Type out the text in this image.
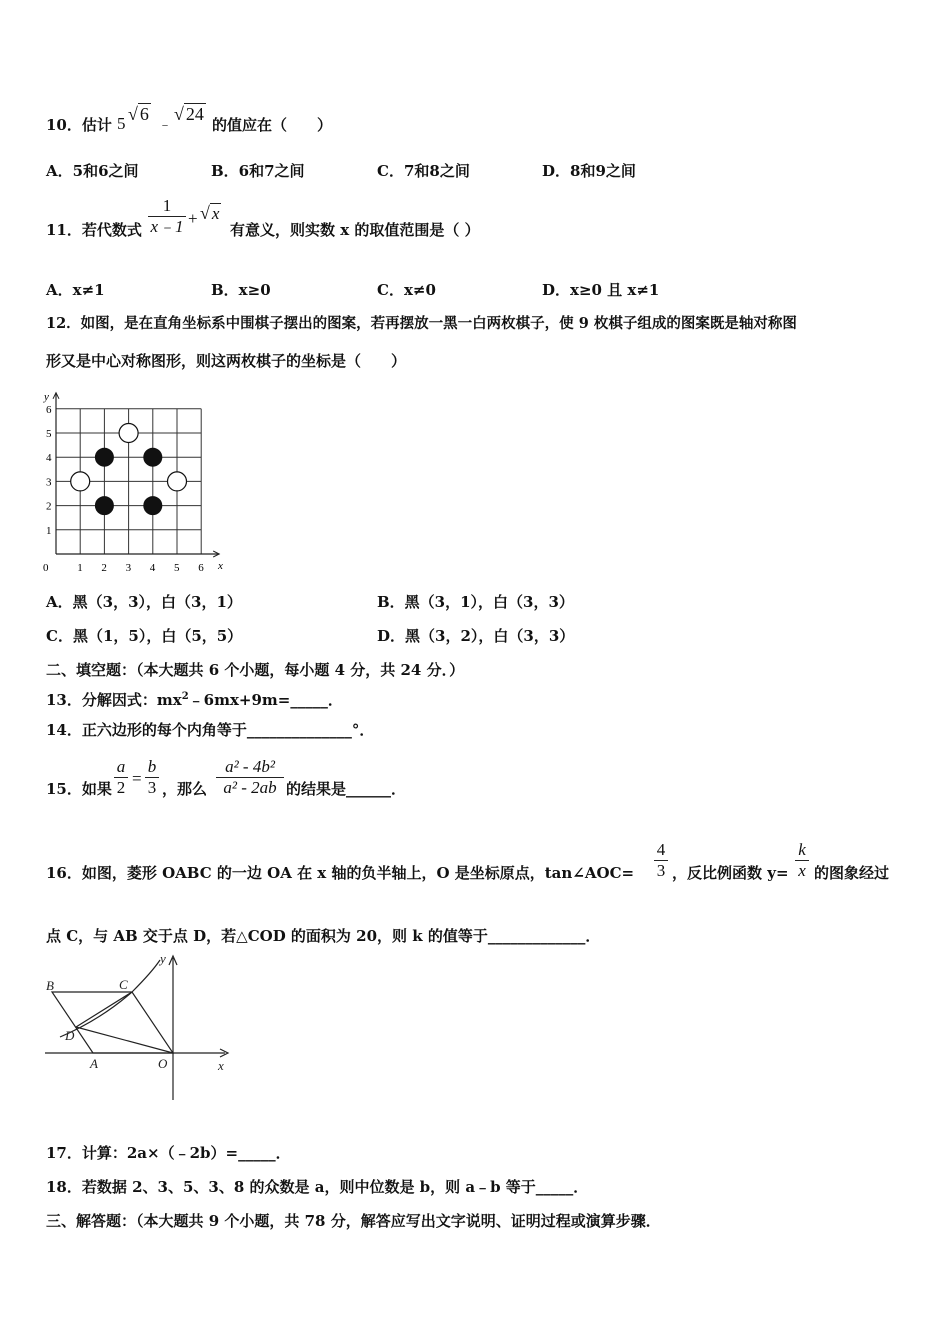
10．估计 5 √ 6
﹣
√ 24
的值应在（　　）
A．5和6之间	B．6和7之间	C．7和8之间	D．8和9之间
11．若代数式
1
x﹣1 + √ x
有意义，则实数 x 的取值范围是（ ）
A．x≠1	B．x≥0	C．x≠0	D．x≥0 且 x≠1
12．如图，是在直角坐标系中围棋子摆出的图案，若再摆放一黑一白两枚棋子，使 9 枚棋子组成的图案既是轴对称图
形又是中心对称图形，则这两枚棋子的坐标是（　　）
0	1 2 3 4 5 6
1
2
3
4
5
6
y
x
A．黑（3，3），白（3，1）	B．黑（3，1），白（3，3）
C．黑（1，5），白（5，5）	D．黑（3，2），白（3，3）
二、填空题：（本大题共 6 个小题，每小题 4 分，共 24 分．）
13．分解因式：$mx^2﹣6mx+9m=\_\_\_\_\_$．
14．正六边形的每个内角等于______________°．
15．如果
a
2 =
b
3 ，那么
a² - 4b²
a² - 2ab 的结果是______．
16．如图，菱形 OABC 的一边 OA 在 x 轴的负半轴上，O 是坐标原点，tan∠AOC=
4
3 ，反比例函数 y=
k
x 的图象经过
点 C，与 AB 交于点 D，若△COD 的面积为 20，则 k 的值等于_____________．
B	C
D
A	O	x
y
17．计算：2a×（﹣2b）=_____．
18．若数据 2、3、5、3、8 的众数是 a，则中位数是 b，则 a﹣b 等于_____．
三、解答题：（本大题共 9 个小题，共 78 分，解答应写出文字说明、证明过程或演算步骤．
